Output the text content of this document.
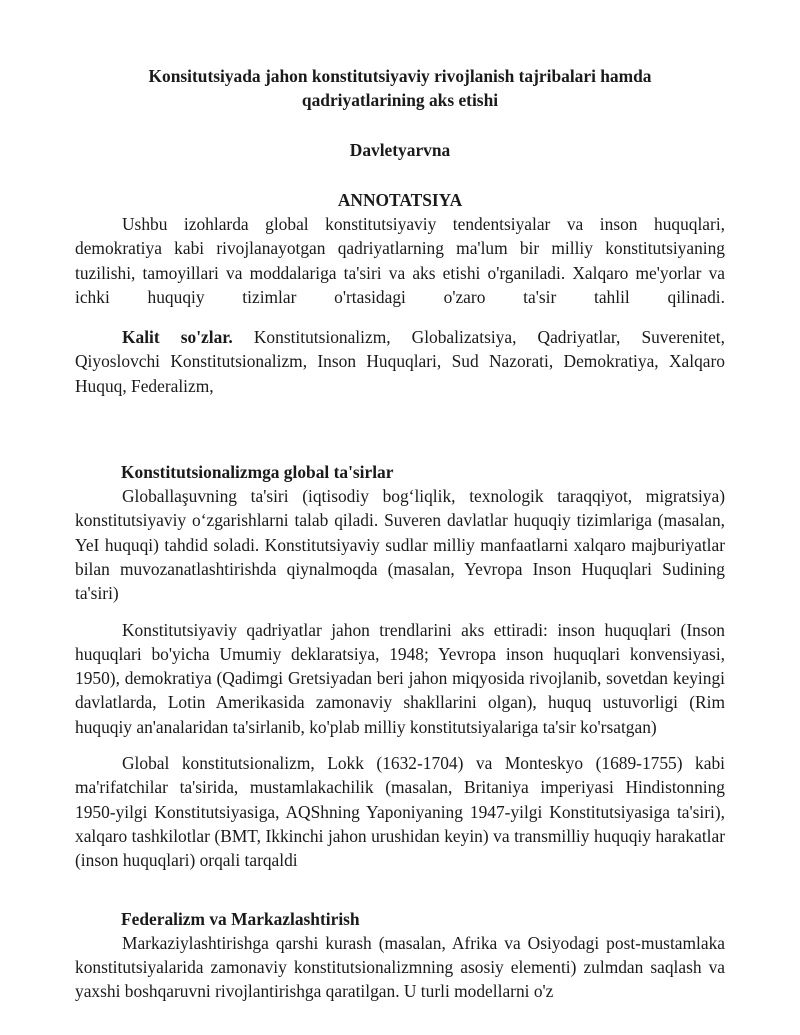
Konsitutsiyada jahon konstitutsiyaviy rivojlanish tajribalari hamda
qadriyatlarining aks etishi

Davletyarvna

ANNOTATSIYA

Ushbu izohlarda global konstitutsiyaviy tendentsiyalar va inson huquqlari, demokratiya kabi rivojlanayotgan qadriyatlarning ma'lum bir milliy konstitutsiyaning tuzilishi, tamoyillari va moddalariga ta'siri va aks etishi o'rganiladi. Xalqaro me'yorlar va ichki huquqiy tizimlar o'rtasidagi o'zaro ta'sir tahlil qilinadi.

Kalit so'zlar. Konstitutsionalizm, Globalizatsiya, Qadriyatlar, Suverenitet, Qiyoslovchi Konstitutsionalizm, Inson Huquqlari, Sud Nazorati, Demokratiya, Xalqaro Huquq, Federalizm,

Konstitutsionalizmga global ta'sirlar

Globallaşuvning ta'siri (iqtisodiy bog‘liqlik, texnologik taraqqiyot, migratsiya) konstitutsiyaviy o‘zgarishlarni talab qiladi. Suveren davlatlar huquqiy tizimlariga (masalan, YeI huquqi) tahdid soladi. Konstitutsiyaviy sudlar milliy manfaatlarni xalqaro majburiyatlar bilan muvozanatlashtirishda qiynalmoqda (masalan, Yevropa Inson Huquqlari Sudining ta'siri)

Konstitutsiyaviy qadriyatlar jahon trendlarini aks ettiradi: inson huquqlari (Inson huquqlari bo'yicha Umumiy deklaratsiya, 1948; Yevropa inson huquqlari konvensiyasi, 1950), demokratiya (Qadimgi Gretsiyadan beri jahon miqyosida rivojlanib, sovetdan keyingi davlatlarda, Lotin Amerikasida zamonaviy shakllarini olgan), huquq ustuvorligi (Rim huquqiy an'analaridan ta'sirlanib, ko'plab milliy konstitutsiyalariga ta'sir ko'rsatgan)

Global konstitutsionalizm, Lokk (1632-1704) va Monteskyo (1689-1755) kabi ma'rifatchilar ta'sirida, mustamlakachilik (masalan, Britaniya imperiyasi Hindistonning 1950-yilgi Konstitutsiyasiga, AQShning Yaponiyaning 1947-yilgi Konstitutsiyasiga ta'siri), xalqaro tashkilotlar (BMT, Ikkinchi jahon urushidan keyin) va transmilliy huquqiy harakatlar (inson huquqlari) orqali tarqaldi

Federalizm va Markazlashtirish

Markaziylashtirishga qarshi kurash (masalan, Afrika va Osiyodagi post-mustamlaka konstitutsiyalarida zamonaviy konstitutsionalizmning asosiy elementi) zulmdan saqlash va yaxshi boshqaruvni rivojlantirishga qaratilgan. U turli modellarni o'z
